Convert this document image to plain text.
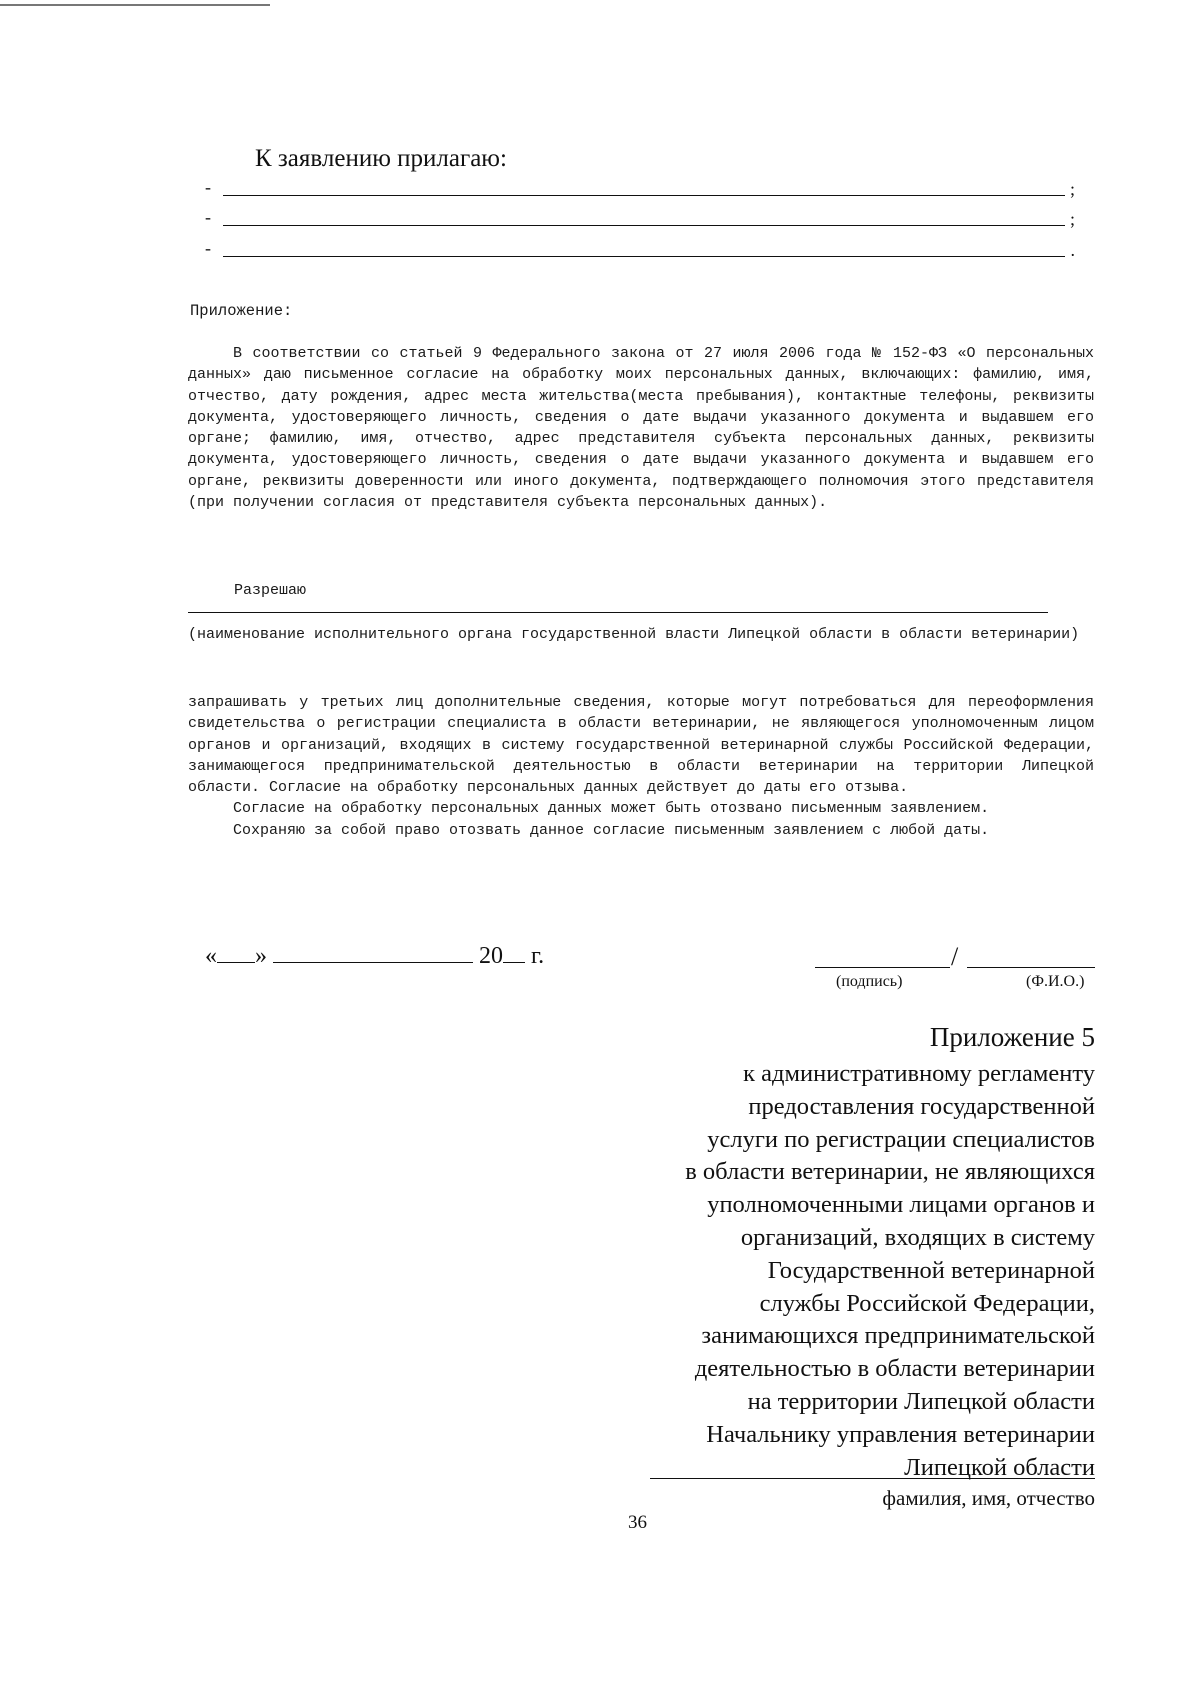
К заявлению прилагаю:
-	;
-	;
-	.
Приложение:
В соответствии со статьей 9 Федерального закона от 27 июля 2006 года № 152-ФЗ «О персональных данных» даю письменное согласие на обработку моих персональных данных, включающих: фамилию, имя, отчество, дату рождения, адрес места жительства(места пребывания), контактные телефоны, реквизиты документа, удостоверяющего личность, сведения о дате выдачи указанного документа и выдавшем его органе; фамилию, имя, отчество, адрес представителя субъекта персональных данных, реквизиты документа, удостоверяющего личность, сведения о дате выдачи указанного документа и выдавшем его органе, реквизиты доверенности или иного документа, подтверждающего полномочия этого представителя (при получении согласия от представителя субъекта персональных данных).
Разрешаю
(наименование исполнительного органа государственной власти Липецкой области в области ветеринарии)
запрашивать у третьих лиц дополнительные сведения, которые могут потребоваться для переоформления свидетельства о регистрации специалиста в области ветеринарии, не являющегося уполномоченным лицом органов и организаций, входящих в систему государственной ветеринарной службы Российской Федерации, занимающегося предпринимательской деятельностью в области ветеринарии на территории Липецкой области. Согласие на обработку персональных данных действует до даты его отзыва.
Согласие на обработку персональных данных может быть отозвано письменным заявлением.
Сохраняю за собой право отозвать данное согласие письменным заявлением с любой даты.
« »	20 г.	/
(подпись)	(Ф.И.О.)
Приложение 5
к административному регламенту
предоставления государственной
услуги по регистрации специалистов
в области ветеринарии, не являющихся
уполномоченными лицами органов и
организаций, входящих в систему
Государственной ветеринарной
службы Российской Федерации,
занимающихся предпринимательской
деятельностью в области ветеринарии
на территории Липецкой области
Начальнику управления ветеринарии
Липецкой области
фамилия, имя, отчество
36
